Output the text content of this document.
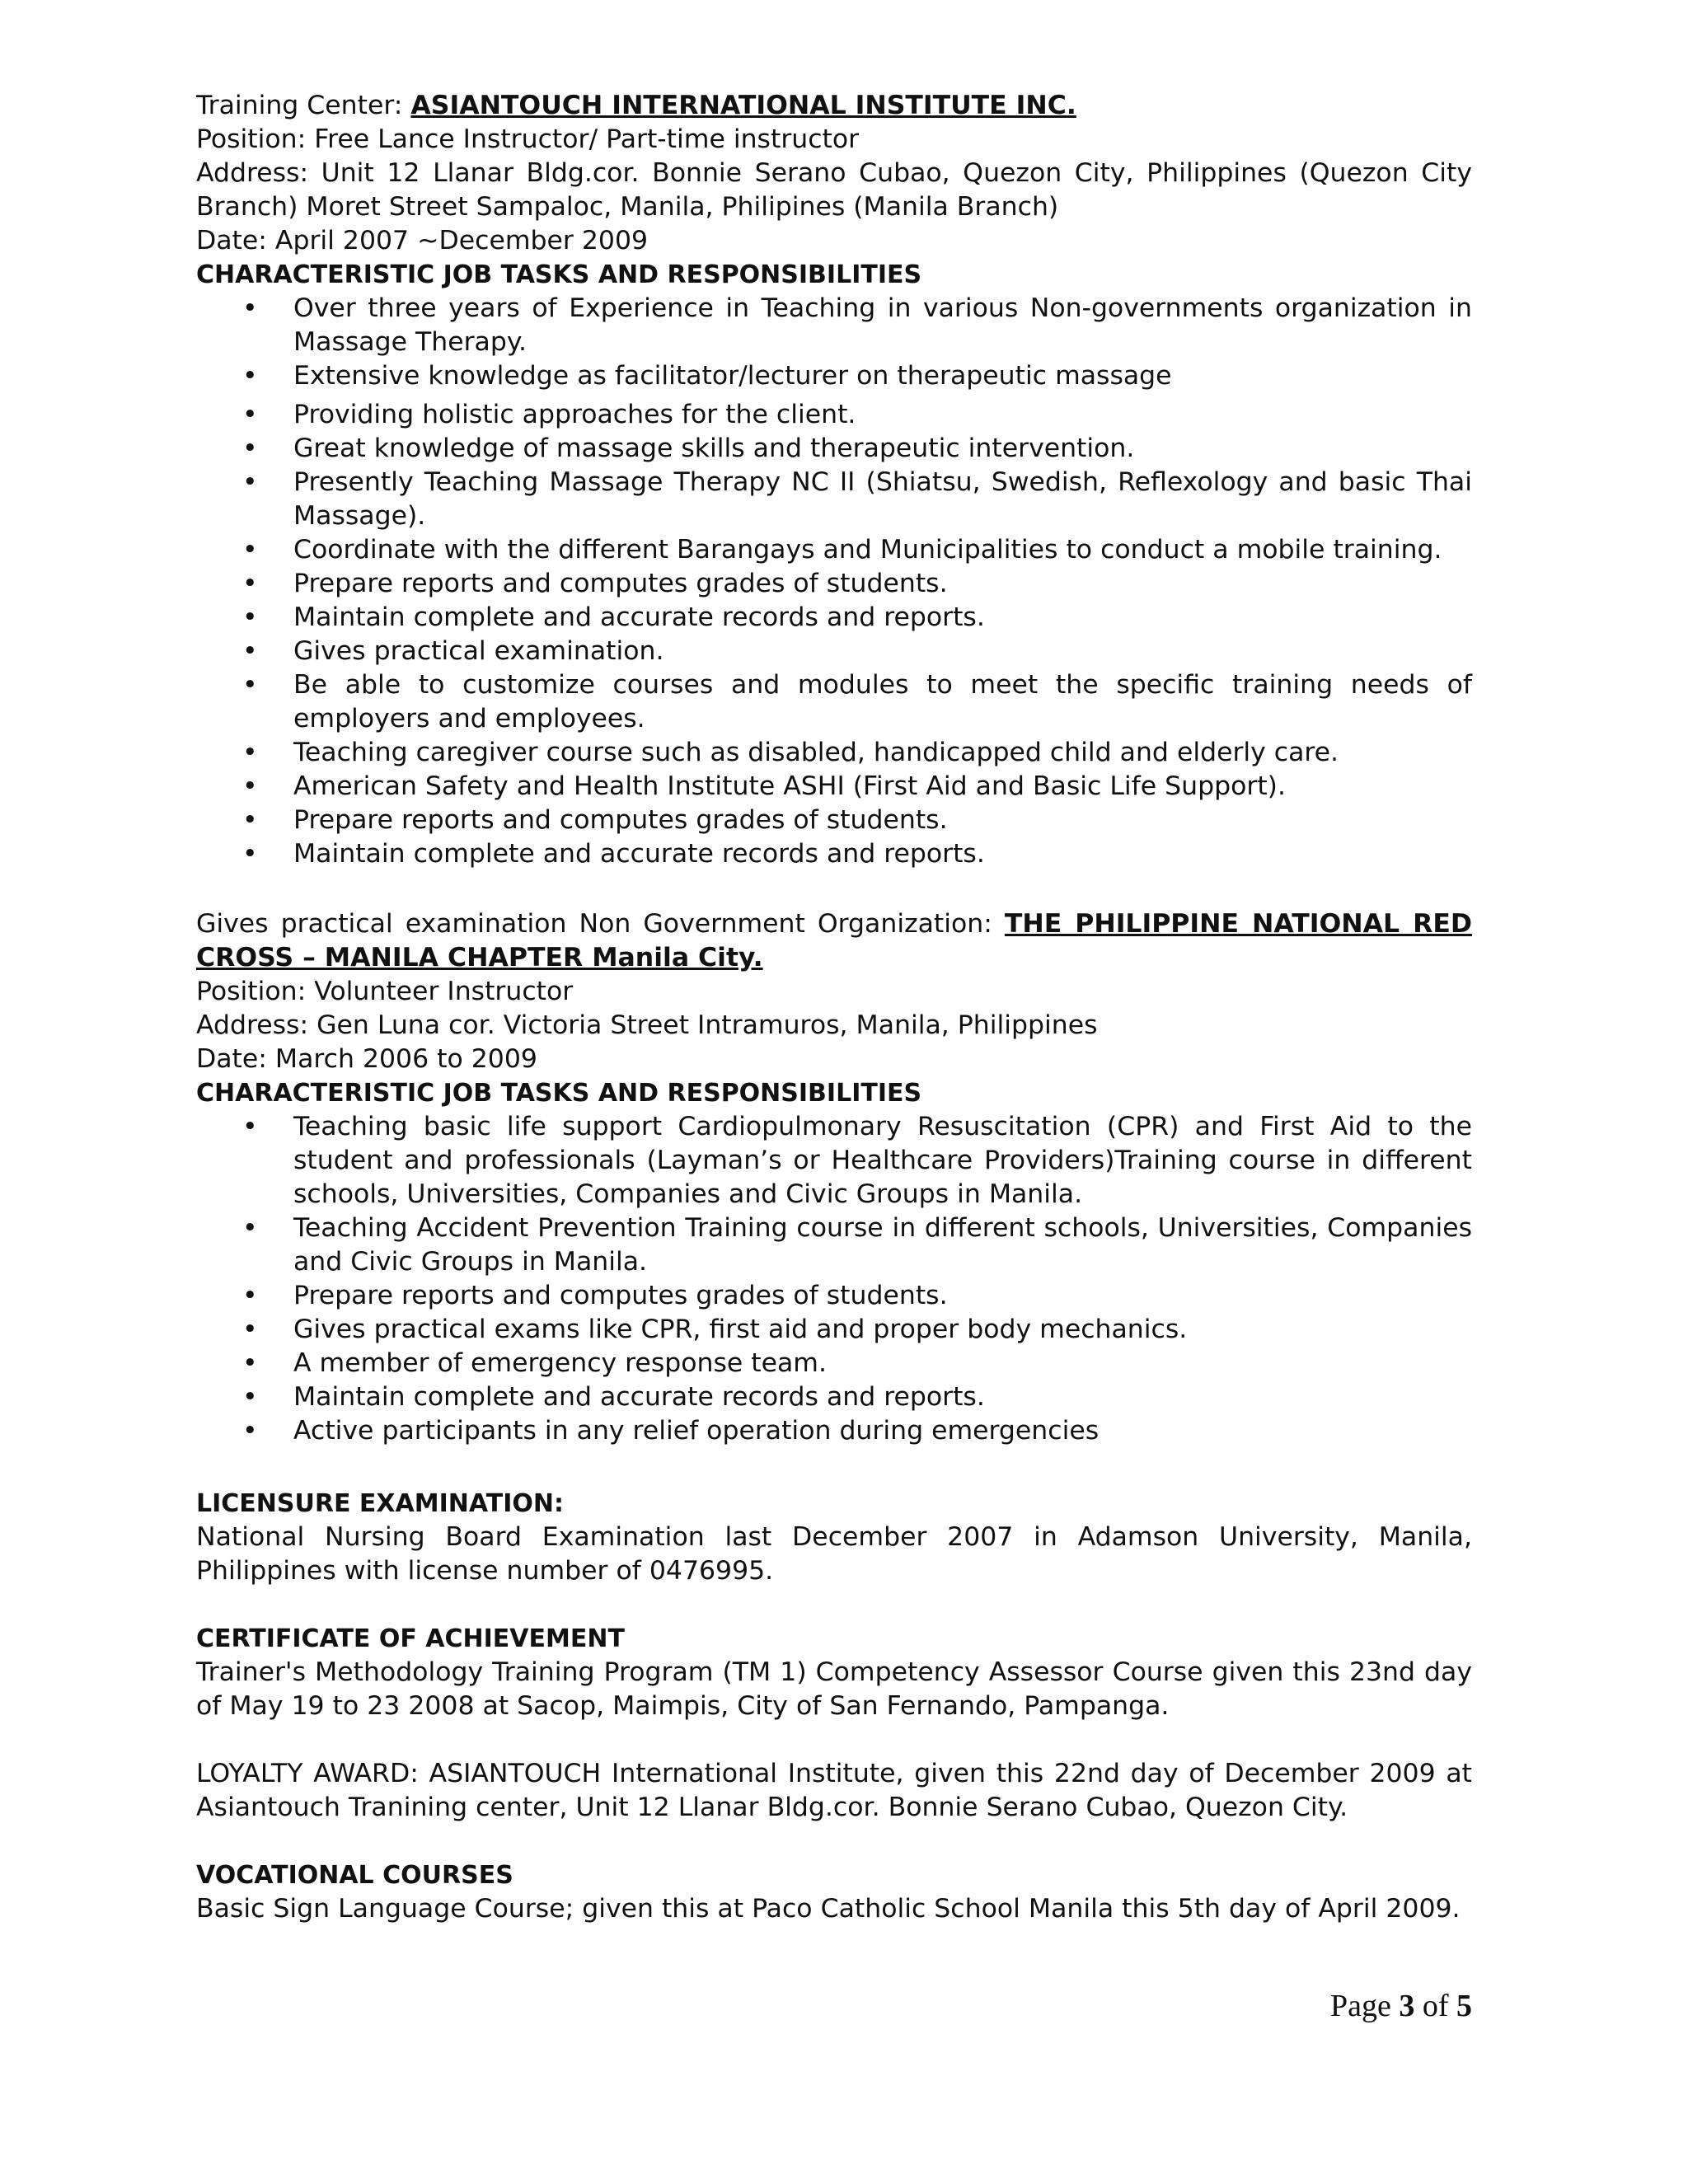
Training Center: ASIANTOUCH INTERNATIONAL INSTITUTE INC.

Position: Free Lance Instructor/ Part-time instructor

Address: Unit 12 Llanar Bldg.cor. Bonnie Serano Cubao, Quezon City, Philippines (Quezon City Branch) Moret Street Sampaloc, Manila, Philipines (Manila Branch)

Date: April 2007 ~December 2009

CHARACTERISTIC JOB TASKS AND RESPONSIBILITIES

• Over three years of Experience in Teaching in various Non-governments organization in Massage Therapy.
• Extensive knowledge as facilitator/lecturer on therapeutic massage
• Providing holistic approaches for the client.
• Great knowledge of massage skills and therapeutic intervention.
• Presently Teaching Massage Therapy NC II (Shiatsu, Swedish, Reflexology and basic Thai Massage).
• Coordinate with the different Barangays and Municipalities to conduct a mobile training.
• Prepare reports and computes grades of students.
• Maintain complete and accurate records and reports.
• Gives practical examination.
• Be able to customize courses and modules to meet the specific training needs of employers and employees.
• Teaching caregiver course such as disabled, handicapped child and elderly care.
• American Safety and Health Institute ASHI (First Aid and Basic Life Support).
• Prepare reports and computes grades of students.
• Maintain complete and accurate records and reports.

Gives practical examination Non Government Organization: THE PHILIPPINE NATIONAL RED CROSS – MANILA CHAPTER Manila City.

Position: Volunteer Instructor

Address: Gen Luna cor. Victoria Street Intramuros, Manila, Philippines

Date: March 2006 to 2009

CHARACTERISTIC JOB TASKS AND RESPONSIBILITIES

• Teaching basic life support Cardiopulmonary Resuscitation (CPR) and First Aid to the student and professionals (Layman’s or Healthcare Providers)Training course in different schools, Universities, Companies and Civic Groups in Manila.
• Teaching Accident Prevention Training course in different schools, Universities, Companies and Civic Groups in Manila.
• Prepare reports and computes grades of students.
• Gives practical exams like CPR, first aid and proper body mechanics.
• A member of emergency response team.
• Maintain complete and accurate records and reports.
• Active participants in any relief operation during emergencies

LICENSURE EXAMINATION:

National Nursing Board Examination last December 2007 in Adamson University, Manila, Philippines with license number of 0476995.

CERTIFICATE OF ACHIEVEMENT

Trainer's Methodology Training Program (TM 1) Competency Assessor Course given this 23nd day of May 19 to 23 2008 at Sacop, Maimpis, City of San Fernando, Pampanga.

LOYALTY AWARD: ASIANTOUCH International Institute, given this 22nd day of December 2009 at Asiantouch Tranining center, Unit 12 Llanar Bldg.cor. Bonnie Serano Cubao, Quezon City.

VOCATIONAL COURSES

Basic Sign Language Course; given this at Paco Catholic School Manila this 5th day of April 2009.

Page 3 of 5
